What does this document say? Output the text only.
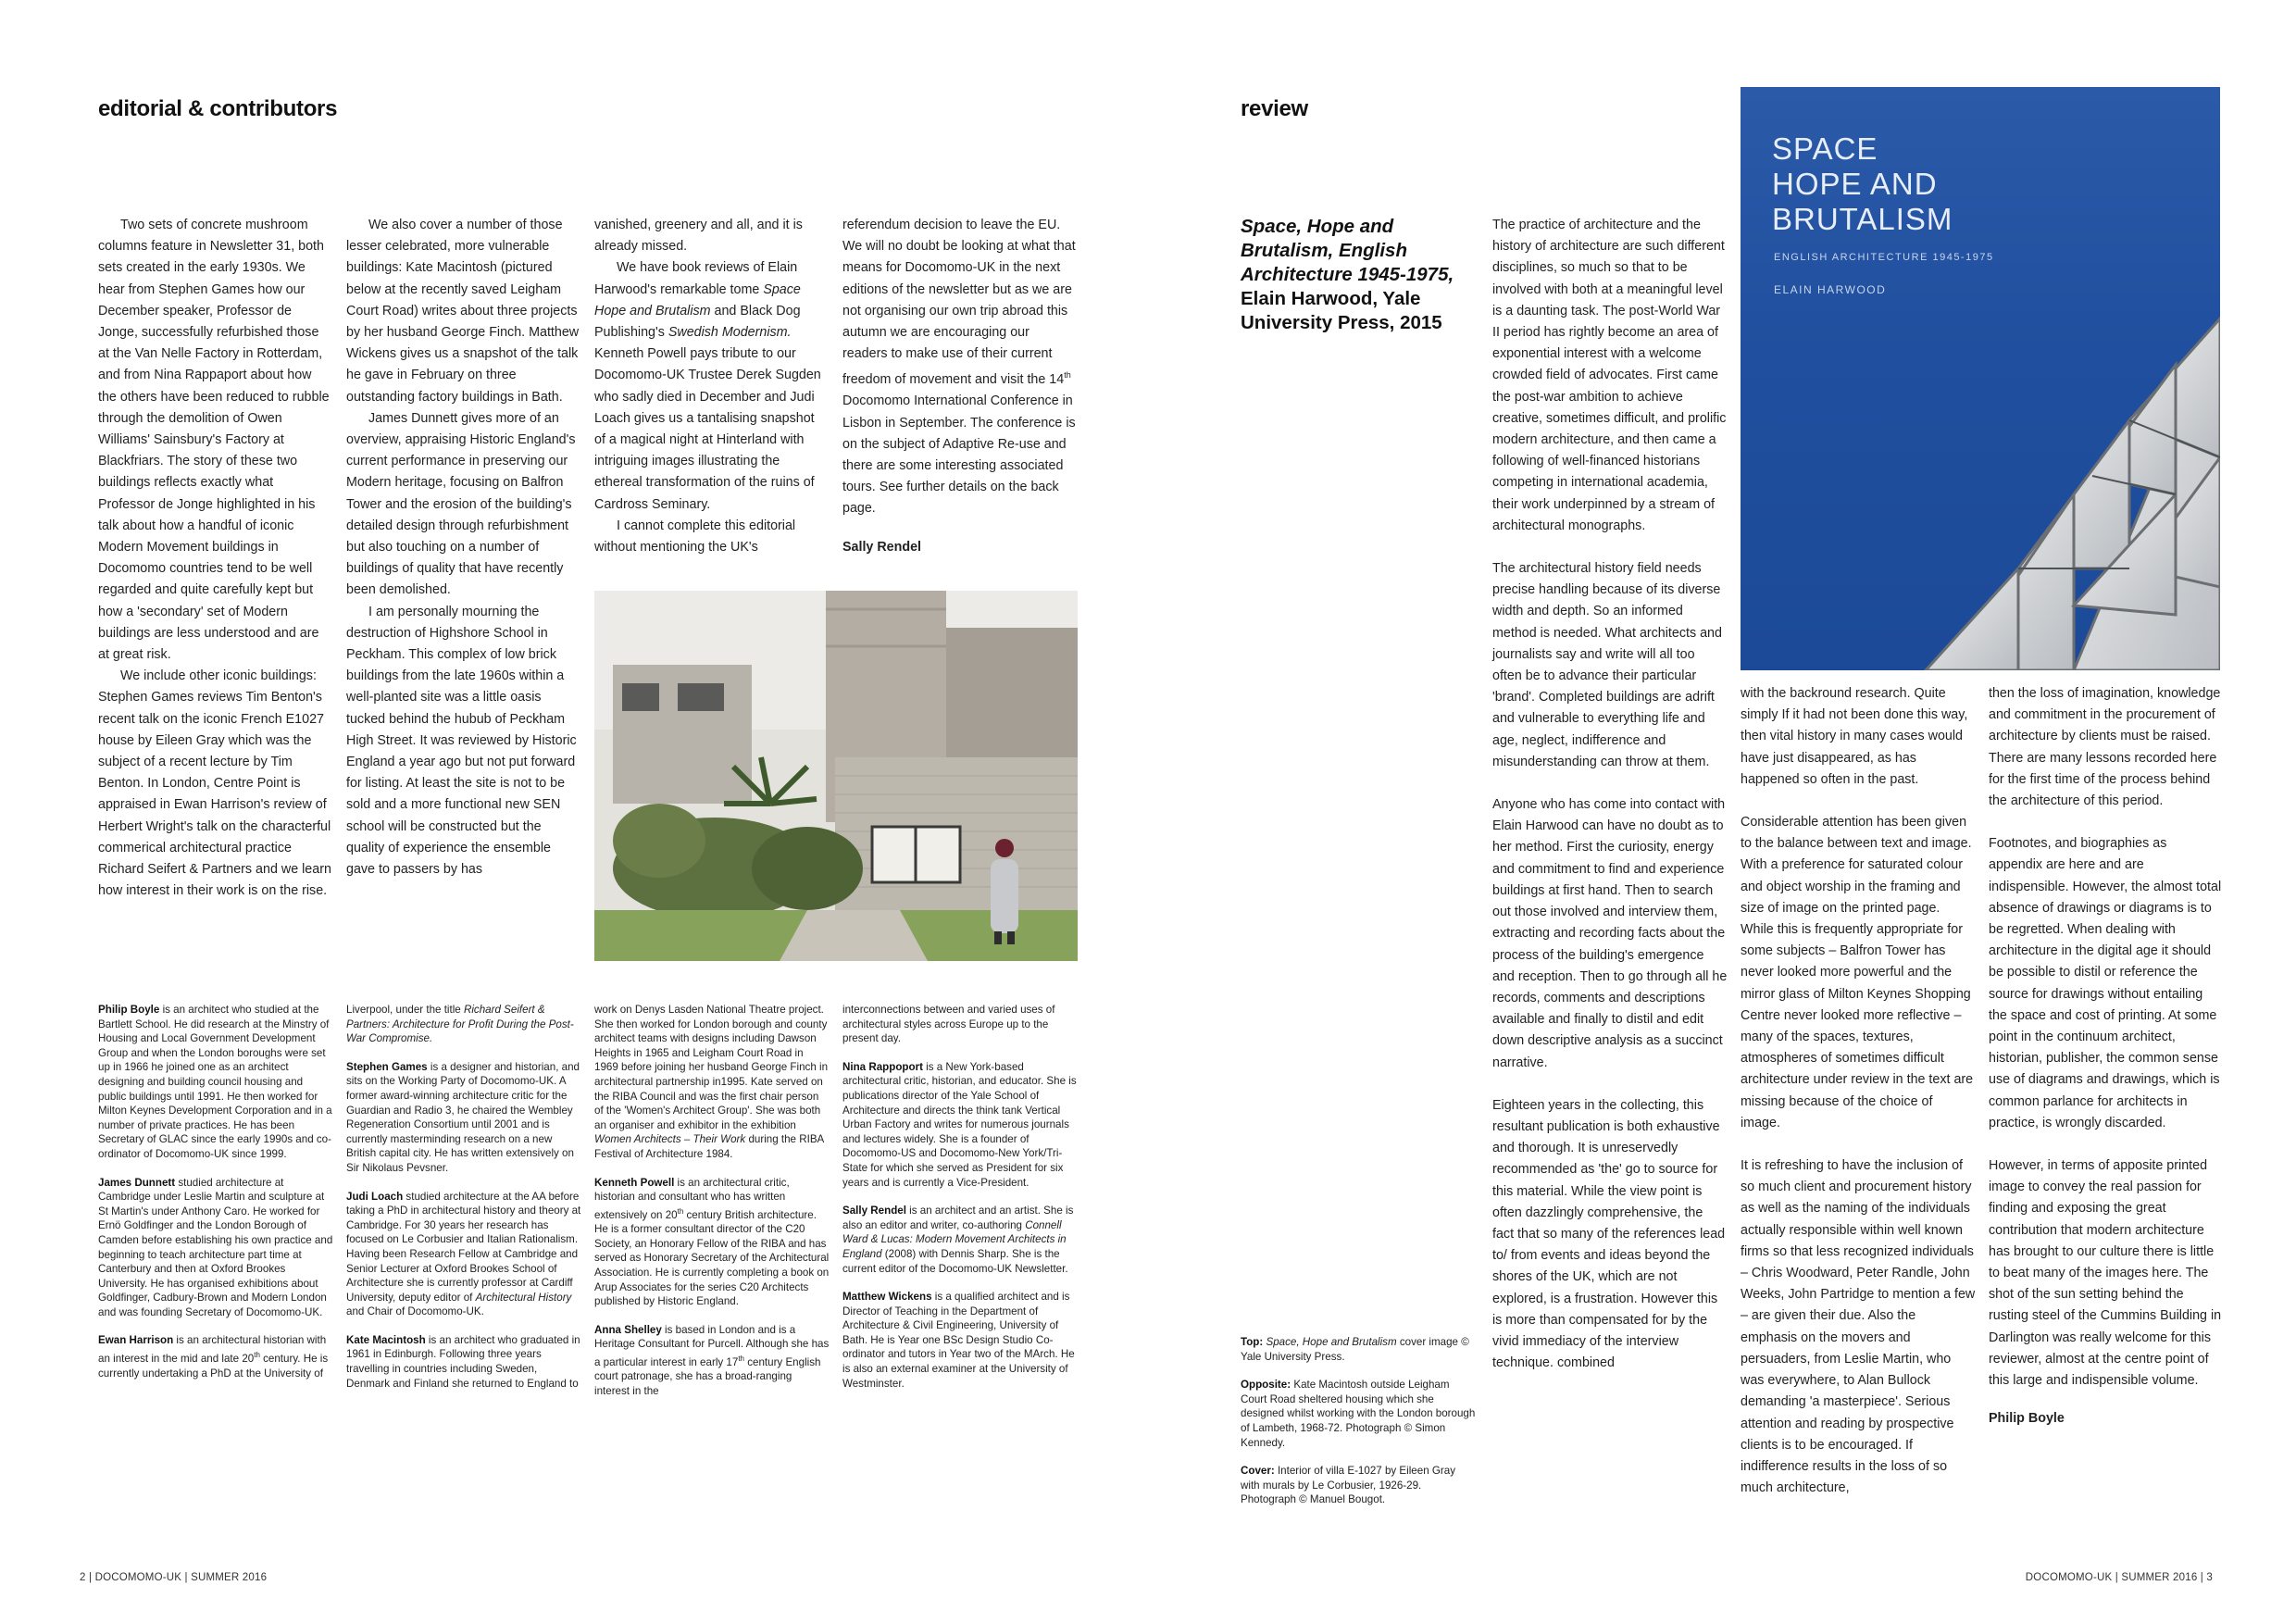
editorial & contributors

Two sets of concrete mushroom columns feature in Newsletter 31, both sets created in the early 1930s. We hear from Stephen Games how our December speaker, Professor de Jonge, successfully refurbished those at the Van Nelle Factory in Rotterdam, and from Nina Rappaport about how the others have been reduced to rubble through the demolition of Owen Williams' Sainsbury's Factory at Blackfriars. The story of these two buildings reflects exactly what Professor de Jonge highlighted in his talk about how a handful of iconic Modern Movement buildings in Docomomo countries tend to be well regarded and quite carefully kept but how a 'secondary' set of Modern buildings are less understood and are at great risk.

We include other iconic buildings: Stephen Games reviews Tim Benton's recent talk on the iconic French E1027 house by Eileen Gray which was the subject of a recent lecture by Tim Benton. In London, Centre Point is appraised in Ewan Harrison's review of Herbert Wright's talk on the characterful commerical architectural practice Richard Seifert & Partners and we learn how interest in their work is on the rise.

We also cover a number of those lesser celebrated, more vulnerable buildings: Kate Macintosh (pictured below at the recently saved Leigham Court Road) writes about three projects by her husband George Finch. Matthew Wickens gives us a snapshot of the talk he gave in February on three outstanding factory buildings in Bath.

James Dunnett gives more of an overview, appraising Historic England's current performance in preserving our Modern heritage, focusing on Balfron Tower and the erosion of the building's detailed design through refurbishment but also touching on a number of buildings of quality that have recently been demolished.

I am personally mourning the destruction of Highshore School in Peckham. This complex of low brick buildings from the late 1960s within a well-planted site was a little oasis tucked behind the hubub of Peckham High Street. It was reviewed by Historic England a year ago but not put forward for listing. At least the site is not to be sold and a more functional new SEN school will be constructed but the quality of experience the ensemble gave to passers by has

vanished, greenery and all, and it is already missed.

We have book reviews of Elain Harwood's remarkable tome Space Hope and Brutalism and Black Dog Publishing's Swedish Modernism. Kenneth Powell pays tribute to our Docomomo-UK Trustee Derek Sugden who sadly died in December and Judi Loach gives us a tantalising snapshot of a magical night at Hinterland with intriguing images illustrating the ethereal transformation of the ruins of Cardross Seminary.

I cannot complete this editorial without mentioning the UK's

referendum decision to leave the EU. We will no doubt be looking at what that means for Docomomo-UK in the next editions of the newsletter but as we are not organising our own trip abroad this autumn we are encouraging our readers to make use of their current freedom of movement and visit the 14th Docomomo International Conference in Lisbon in September. The conference is on the subject of Adaptive Re-use and there are some interesting associated tours. See further details on the back page.

Sally Rendel

Philip Boyle is an architect who studied at the Bartlett School. He did research at the Minstry of Housing and Local Government Development Group and when the London boroughs were set up in 1966 he joined one as an architect designing and building council housing and public buildings until 1991. He then worked for Milton Keynes Development Corporation and in a number of private practices. He has been Secretary of GLAC since the early 1990s and co-ordinator of Docomomo-UK since 1999.

James Dunnett studied architecture at Cambridge under Leslie Martin and sculpture at St Martin's under Anthony Caro. He worked for Ernö Goldfinger and the London Borough of Camden before establishing his own practice and beginning to teach architecture part time at Canterbury and then at Oxford Brookes University. He has organised exhibitions about Goldfinger, Cadbury-Brown and Modern London and was founding Secretary of Docomomo-UK.

Ewan Harrison is an architectural historian with an interest in the mid and late 20th century. He is currently undertaking a PhD at the University of

Liverpool, under the title Richard Seifert & Partners: Architecture for Profit During the Post-War Compromise.

Stephen Games is a designer and historian, and sits on the Working Party of Docomomo-UK. A former award-winning architecture critic for the Guardian and Radio 3, he chaired the Wembley Regeneration Consortium until 2001 and is currently masterminding research on a new British capital city. He has written extensively on Sir Nikolaus Pevsner.

Judi Loach studied architecture at the AA before taking a PhD in architectural history and theory at Cambridge. For 30 years her research has focused on Le Corbusier and Italian Rationalism. Having been Research Fellow at Cambridge and Senior Lecturer at Oxford Brookes School of Architecture she is currently professor at Cardiff University, deputy editor of Architectural History and Chair of Docomomo-UK.

Kate Macintosh is an architect who graduated in 1961 in Edinburgh. Following three years travelling in countries including Sweden, Denmark and Finland she returned to England to

work on Denys Lasden National Theatre project. She then worked for London borough and county architect teams with designs including Dawson Heights in 1965 and Leigham Court Road in 1969 before joining her husband George Finch in architectural partnership in1995. Kate served on the RIBA Council and was the first chair person of the 'Women's Architect Group'. She was both an organiser and exhibitor in the exhibition Women Architects – Their Work during the RIBA Festival of Architecture 1984.

Kenneth Powell is an architectural critic, historian and consultant who has written extensively on 20th century British architecture. He is a former consultant director of the C20 Society, an Honorary Fellow of the RIBA and has served as Honorary Secretary of the Architectural Association. He is currently completing a book on Arup Associates for the series C20 Architects published by Historic England.

Anna Shelley is based in London and is a Heritage Consultant for Purcell. Although she has a particular interest in early 17th century English court patronage, she has a broad-ranging interest in the

interconnections between and varied uses of architectural styles across Europe up to the present day.

Nina Rappoport is a New York-based architectural critic, historian, and educator. She is publications director of the Yale School of Architecture and directs the think tank Vertical Urban Factory and writes for numerous journals and lectures widely. She is a founder of Docomomo-US and Docomomo-New York/Tri-State for which she served as President for six years and is currently a Vice-President.

Sally Rendel is an architect and an artist. She is also an editor and writer, co-authoring Connell Ward & Lucas: Modern Movement Architects in England (2008) with Dennis Sharp. She is the current editor of the Docomomo-UK Newsletter.

Matthew Wickens is a qualified architect and is Director of Teaching in the Department of Architecture & Civil Engineering, University of Bath. He is Year one BSc Design Studio Co-ordinator and tutors in Year two of the MArch. He is also an external examiner at the University of Westminster.

2 | DOCOMOMO-UK | SUMMER 2016
review
Space, Hope and Brutalism, English Architecture 1945-1975, Elain Harwood, Yale University Press, 2015
SPACE
HOPE AND
BRUTALISM
ENGLISH ARCHITECTURE 1945-1975
ELAIN HARWOOD

The practice of architecture and the history of architecture are such different disciplines, so much so that to be involved with both at a meaningful level is a daunting task. The post-World War II period has rightly become an area of exponential interest with a welcome crowded field of advocates. First came the post-war ambition to achieve creative, sometimes difficult, and prolific modern architecture, and then came a following of well-financed historians competing in international academia, their work underpinned by a stream of architectural monographs.

The architectural history field needs precise handling because of its diverse width and depth. So an informed method is needed. What architects and journalists say and write will all too often be to advance their particular 'brand'. Completed buildings are adrift and vulnerable to everything life and age, neglect, indifference and misunderstanding can throw at them.

Anyone who has come into contact with Elain Harwood can have no doubt as to her method. First the curiosity, energy and commitment to find and experience buildings at first hand. Then to search out those involved and interview them, extracting and recording facts about the process of the building's emergence and reception. Then to go through all he records, comments and descriptions available and finally to distil and edit down descriptive analysis as a succinct narrative.

Eighteen years in the collecting, this resultant publication is both exhaustive and thorough. It is unreservedly recommended as 'the' go to source for this material. While the view point is often dazzlingly comprehensive, the fact that so many of the references lead to/ from events and ideas beyond the shores of the UK, which are not explored, is a frustration. However this is more than compensated for by the vivid immediacy of the interview technique. combined

with the backround research. Quite simply If it had not been done this way, then vital history in many cases would have just disappeared, as has happened so often in the past.

Considerable attention has been given to the balance between text and image. With a preference for saturated colour and object worship in the framing and size of image on the printed page. While this is frequently appropriate for some subjects – Balfron Tower has never looked more powerful and the mirror glass of Milton Keynes Shopping Centre never looked more reflective – many of the spaces, textures, atmospheres of sometimes difficult architecture under review in the text are missing because of the choice of image.

It is refreshing to have the inclusion of so much client and procurement history as well as the naming of the individuals actually responsible within well known firms so that less recognized individuals – Chris Woodward, Peter Randle, John Weeks, John Partridge to mention a few – are given their due. Also the emphasis on the movers and persuaders, from Leslie Martin, who was everywhere, to Alan Bullock demanding 'a masterpiece'. Serious attention and reading by prospective clients is to be encouraged. If indifference results in the loss of so much architecture,

then the loss of imagination, knowledge and commitment in the procurement of architecture by clients must be raised. There are many lessons recorded here for the first time of the process behind the architecture of this period.

Footnotes, and biographies as appendix are here and are indispensible. However, the almost total absence of drawings or diagrams is to be regretted. When dealing with architecture in the digital age it should be possible to distil or reference the source for drawings without entailing the space and cost of printing. At some point in the continuum architect, historian, publisher, the common sense use of diagrams and drawings, which is common parlance for architects in practice, is wrongly discarded.

However, in terms of apposite printed image to convey the real passion for finding and exposing the great contribution that modern architecture has brought to our culture there is little to beat many of the images here. The shot of the sun setting behind the rusting steel of the Cummins Building in Darlington was really welcome for this reviewer, almost at the centre point of this large and indispensible volume.

Philip Boyle

Top: Space, Hope and Brutalism cover image © Yale University Press.

Opposite: Kate Macintosh outside Leigham Court Road sheltered housing which she designed whilst working with the London borough of Lambeth, 1968-72. Photograph © Simon Kennedy.

Cover: Interior of villa E-1027 by Eileen Gray with murals by Le Corbusier, 1926-29. Photograph © Manuel Bougot.

DOCOMOMO-UK | SUMMER 2016 | 3
